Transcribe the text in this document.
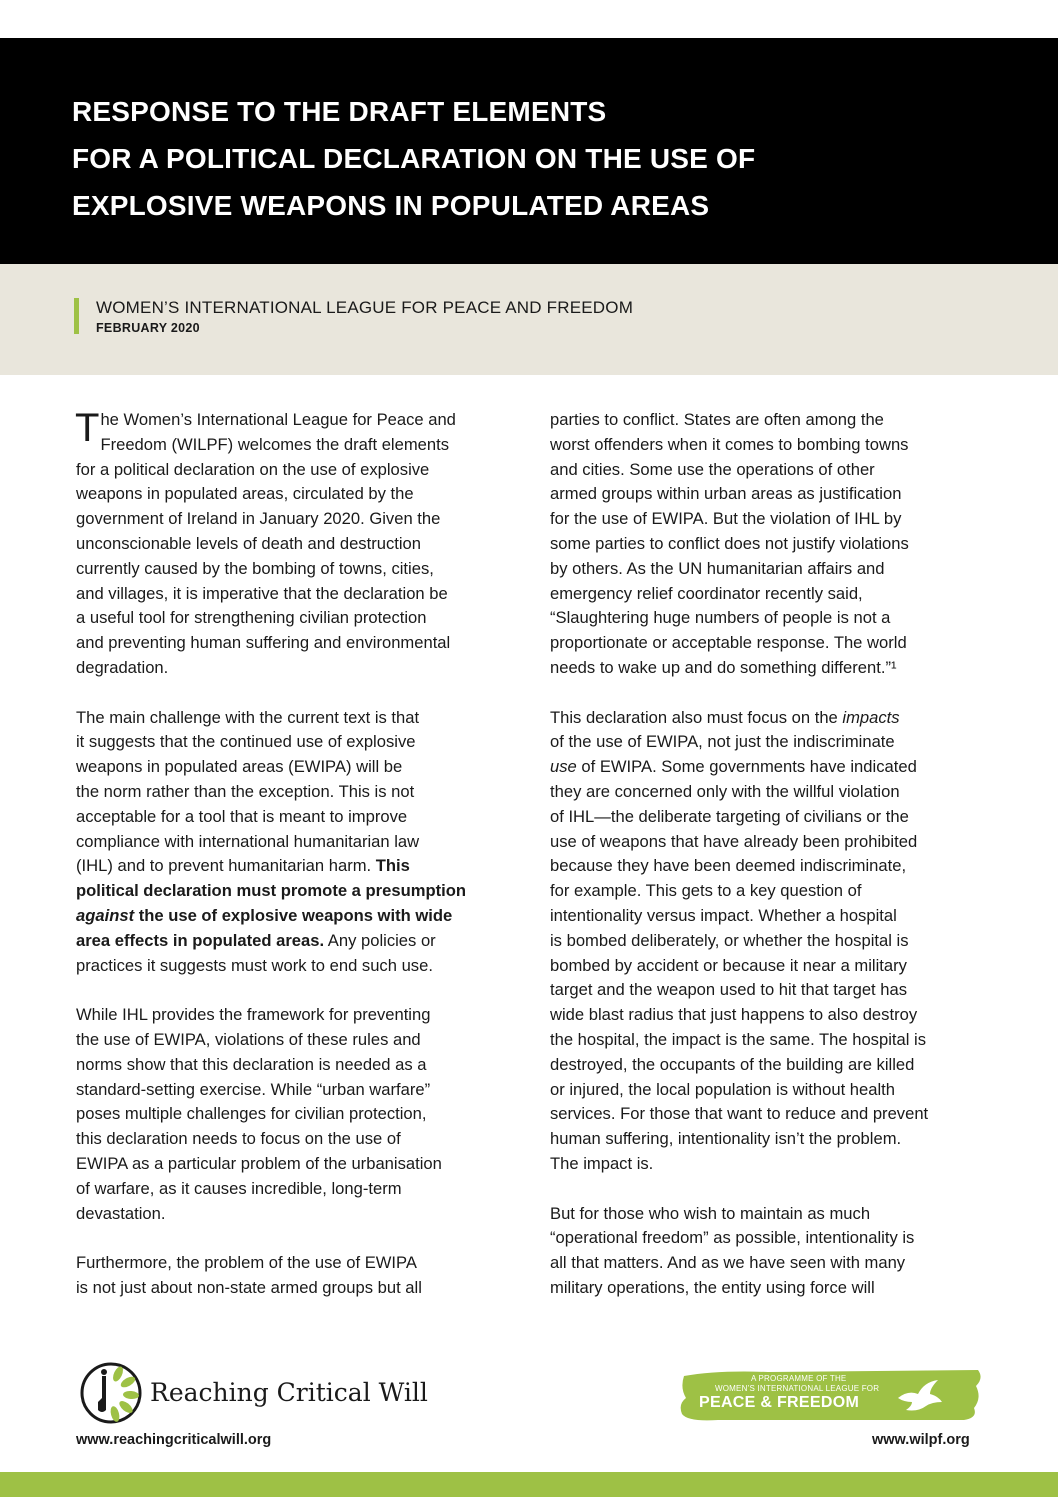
RESPONSE TO THE DRAFT ELEMENTS
FOR A POLITICAL DECLARATION ON THE USE OF
EXPLOSIVE WEAPONS IN POPULATED AREAS
WOMEN’S INTERNATIONAL LEAGUE FOR PEACE AND FREEDOM
FEBRUARY 2020

T he Women’s International League for Peace and
Freedom (WILPF) welcomes the draft elements
for a political declaration on the use of explosive
weapons in populated areas, circulated by the
government of Ireland in January 2020. Given the
unconscionable levels of death and destruction
currently caused by the bombing of towns, cities,
and villages, it is imperative that the declaration be
a useful tool for strengthening civilian protection
and preventing human suffering and environmental
degradation.

The main challenge with the current text is that
it suggests that the continued use of explosive
weapons in populated areas (EWIPA) will be
the norm rather than the exception. This is not
acceptable for a tool that is meant to improve
compliance with international humanitarian law
(IHL) and to prevent humanitarian harm. This
political declaration must promote a presumption
against the use of explosive weapons with wide
area effects in populated areas. Any policies or
practices it suggests must work to end such use.

While IHL provides the framework for preventing
the use of EWIPA, violations of these rules and
norms show that this declaration is needed as a
standard-setting exercise. While “urban warfare”
poses multiple challenges for civilian protection,
this declaration needs to focus on the use of
EWIPA as a particular problem of the urbanisation
of warfare, as it causes incredible, long-term
devastation.

Furthermore, the problem of the use of EWIPA
is not just about non-state armed groups but all

parties to conflict. States are often among the
worst offenders when it comes to bombing towns
and cities. Some use the operations of other
armed groups within urban areas as justification
for the use of EWIPA. But the violation of IHL by
some parties to conflict does not justify violations
by others. As the UN humanitarian affairs and
emergency relief coordinator recently said,
“Slaughtering huge numbers of people is not a
proportionate or acceptable response. The world
needs to wake up and do something different.”¹

This declaration also must focus on the impacts
of the use of EWIPA, not just the indiscriminate
use of EWIPA. Some governments have indicated
they are concerned only with the willful violation
of IHL—the deliberate targeting of civilians or the
use of weapons that have already been prohibited
because they have been deemed indiscriminate,
for example. This gets to a key question of
intentionality versus impact. Whether a hospital
is bombed deliberately, or whether the hospital is
bombed by accident or because it near a military
target and the weapon used to hit that target has
wide blast radius that just happens to also destroy
the hospital, the impact is the same. The hospital is
destroyed, the occupants of the building are killed
or injured, the local population is without health
services. For those that want to reduce and prevent
human suffering, intentionality isn’t the problem.
The impact is.

But for those who wish to maintain as much
“operational freedom” as possible, intentionality is
all that matters. And as we have seen with many
military operations, the entity using force will

Reaching Critical Will	A PROGRAMME OF THE
WOMEN’S INTERNATIONAL LEAGUE FOR
PEACE & FREEDOM
www.reachingcriticalwill.org	www.wilpf.org
